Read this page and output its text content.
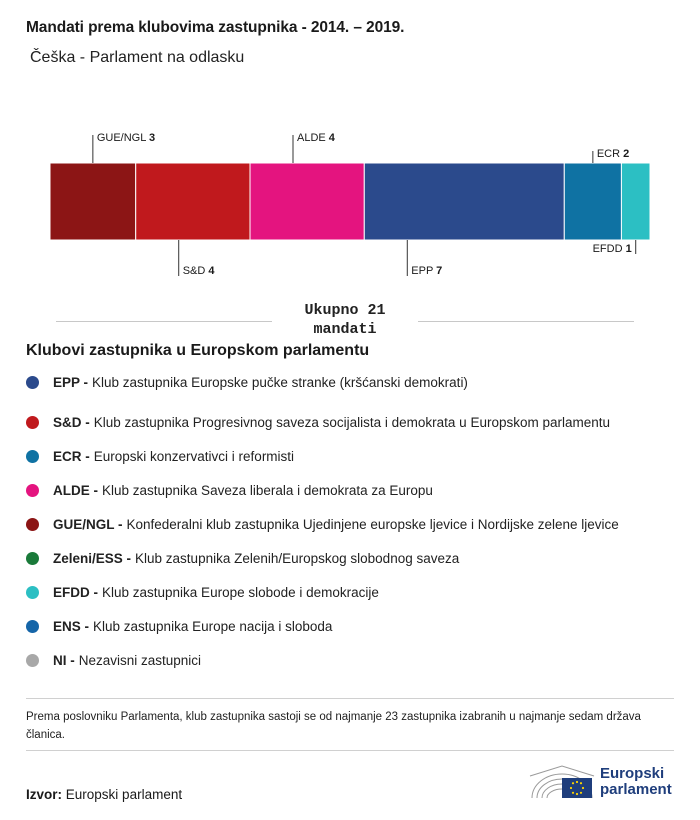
Mandati prema klubovima zastupnika - 2014. – 2019.
Češka - Parlament na odlasku
GUE/NGL 3
S&D 4
ALDE 4
EPP 7
ECR 2
EFDD 1
Ukupno 21
mandati
Klubovi zastupnika u Europskom parlamentu
EPP - Klub zastupnika Europske pučke stranke (kršćanski demokrati)
S&D - Klub zastupnika Progresivnog saveza socijalista i demokrata u Europskom parlamentu
ECR - Europski konzervativci i reformisti
ALDE - Klub zastupnika Saveza liberala i demokrata za Europu
GUE/NGL - Konfederalni klub zastupnika Ujedinjene europske ljevice i Nordijske zelene ljevice
Zeleni/ESS - Klub zastupnika Zelenih/Europskog slobodnog saveza
EFDD - Klub zastupnika Europe slobode i demokracije
ENS - Klub zastupnika Europe nacija i sloboda
NI - Nezavisni zastupnici
Prema poslovniku Parlamenta, klub zastupnika sastoji se od najmanje 23 zastupnika izabranih u najmanje sedam država članica.
Izvor: Europski parlament
Europski
parlament
